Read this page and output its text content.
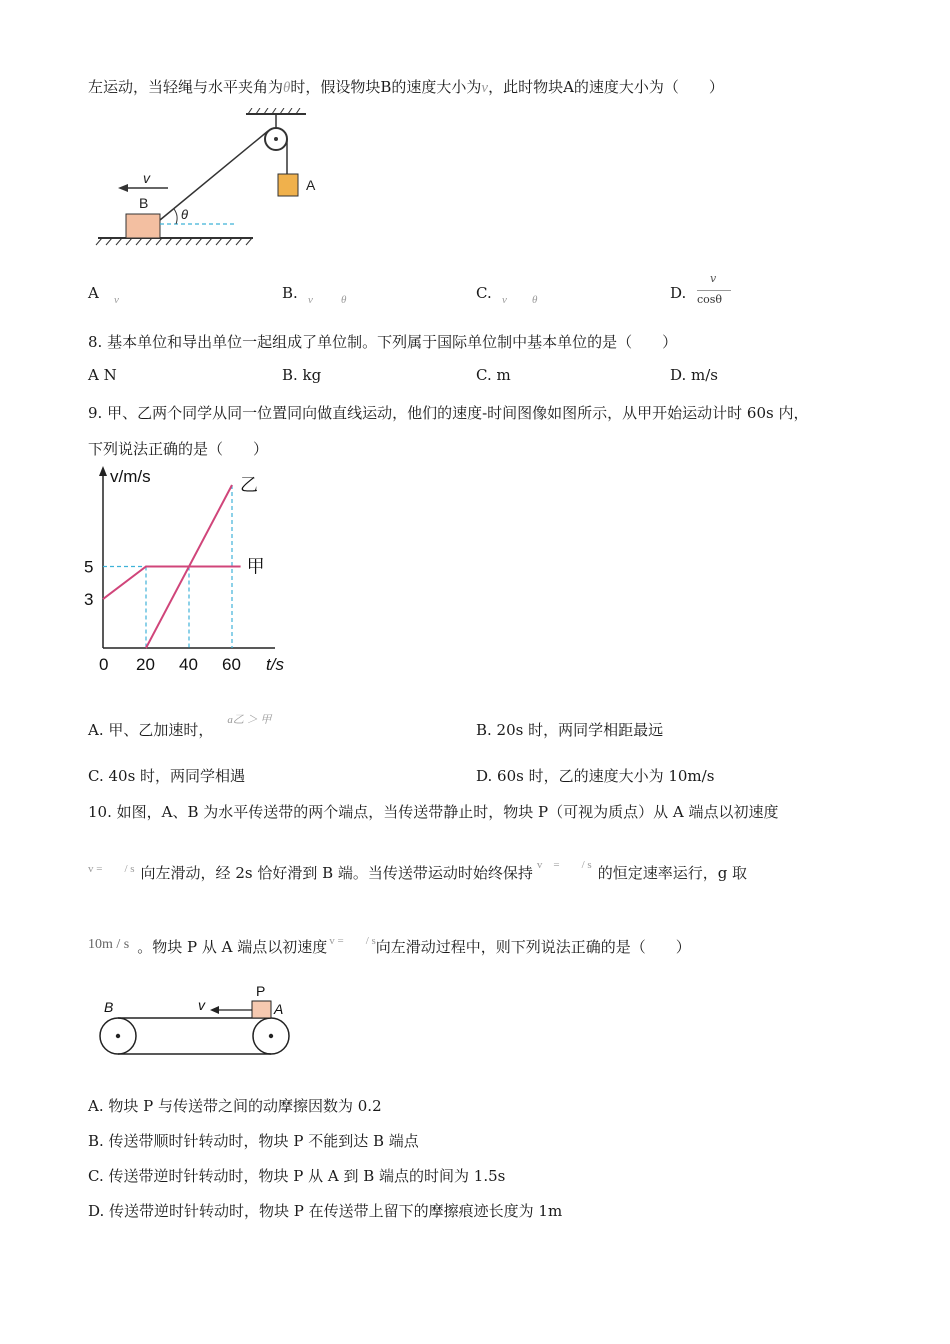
左运动，当轻绳与水平夹角为θ时，假设物块B的速度大小为v，此时物块A的速度大小为（　　）
A
B
θ
v
A v	B. v	θ	C. v θ	D.
v
cosθ
8. 基本单位和导出单位一起组成了单位制。下列属于国际单位制中基本单位的是（　　）
A N	B. kg	C. m	D. m/s
9. 甲、乙两个同学从同一位置同向做直线运动，他们的速度-时间图像如图所示，从甲开始运动计时 60s 内，
下列说法正确的是（　　）
v/m/s
t/s
甲
乙
0 20 40 60
3
5
A. 甲、乙加速时，$^{a乙 > 甲}$
B. 20s 时，两同学相距最远
C. 40s 时，两同学相遇	D. 60s 时，乙的速度大小为 10m/s
10. 如图，A、B 为水平传送带的两个端点，当传送带静止时，物块 P（可视为质点）从 A 端点以初速度
$^{v = / s}$ 向左滑动，经 2s 恰好滑到 B 端。当传送带运动时始终保持 $^{v = / s}$ 的恒定速率运行，g 取
10m / s 。物块 P 从 A 端点以初速度 $^{v = / s}$向左滑动过程中，则下列说法正确的是（　　）
P
A
B	v
A. 物块 P 与传送带之间的动摩擦因数为 0.2
B. 传送带顺时针转动时，物块 P 不能到达 B 端点
C. 传送带逆时针转动时，物块 P 从 A 到 B 端点的时间为 1.5s
D. 传送带逆时针转动时，物块 P 在传送带上留下的摩擦痕迹长度为 1m
